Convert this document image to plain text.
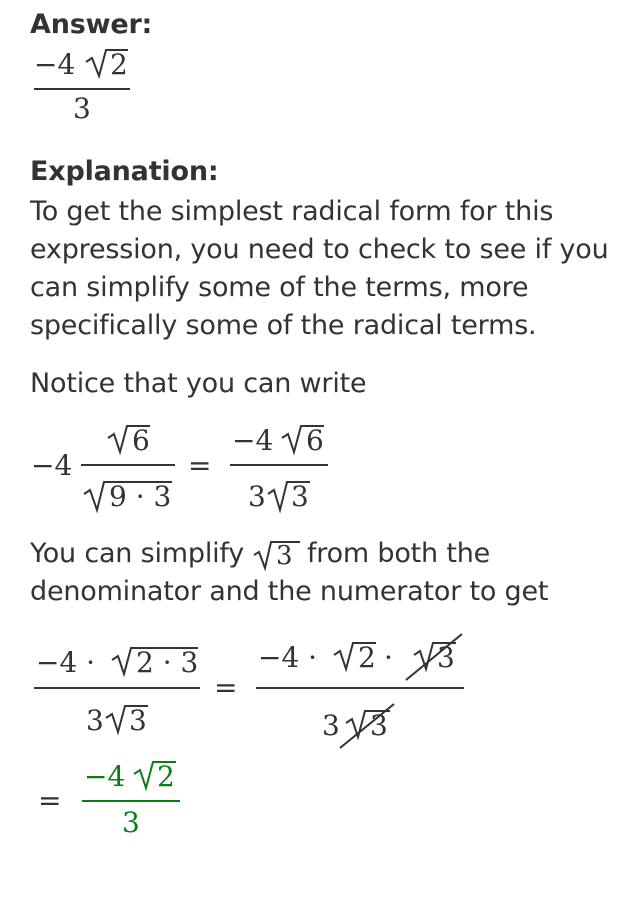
Answer:
Explanation:
To get the simplest radical form for this
expression, you need to check to see if you
can simplify some of the terms, more
specifically some of the radical terms.
Notice that you can write
You can simplify from both the
denominator and the numerator to get
−4 2
3
−4
6
9 · 3
=
−4 6
3 3
3
−4 · 2 · 3
3 3
=
−4 · 2 · 3
3 3
=
−4 2
3
